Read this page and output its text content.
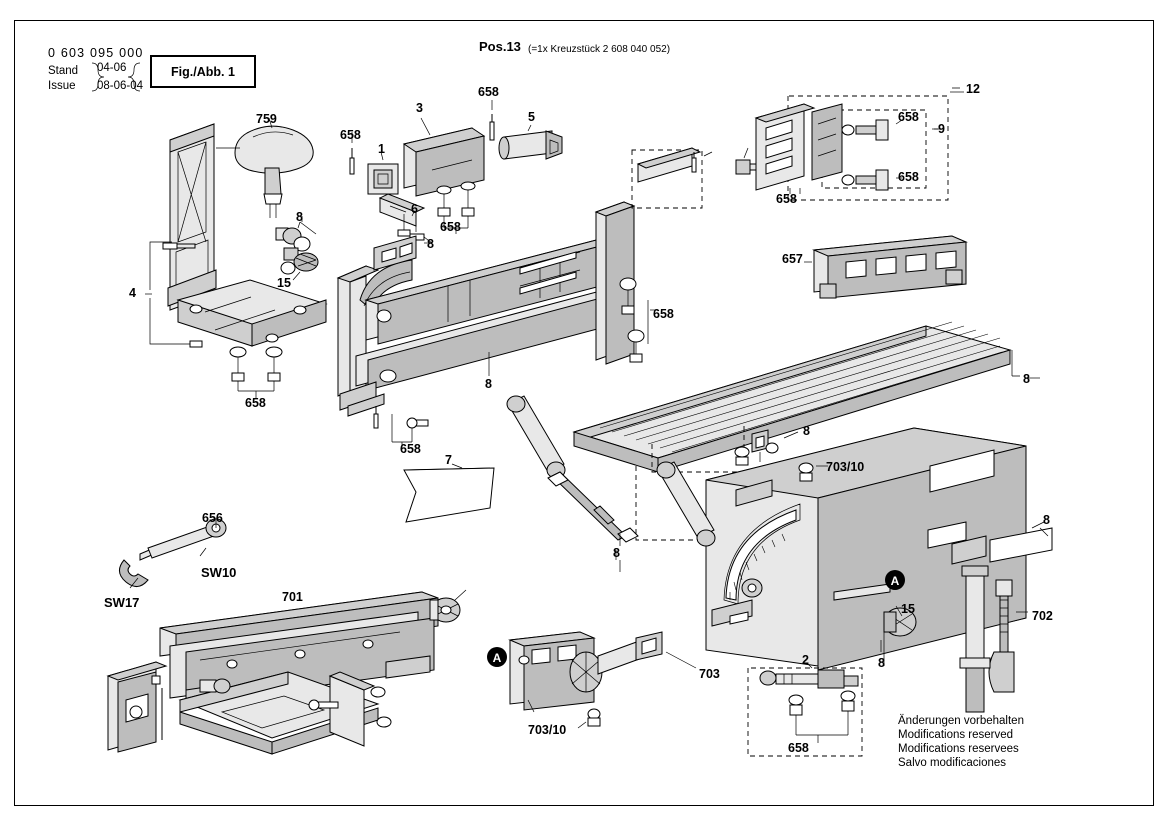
0 603 095 000
Stand
Issue
04-06
08-06-04
Fig./Abb. 1
Pos.13 (=1x Kreuzstück 2 608 040 052)
Änderungen vorbehalten
Modifications reserved
Modifications reservees
Salvo modificaciones
SW10
SW17
A
A
759
658
1
3
658
5
12
9
658
658
658
6
8
8
658
15
4
657
658
658
658
8	8
8
703/10
7
8
8
656
701
15	702
8
2
703
703/10
658
